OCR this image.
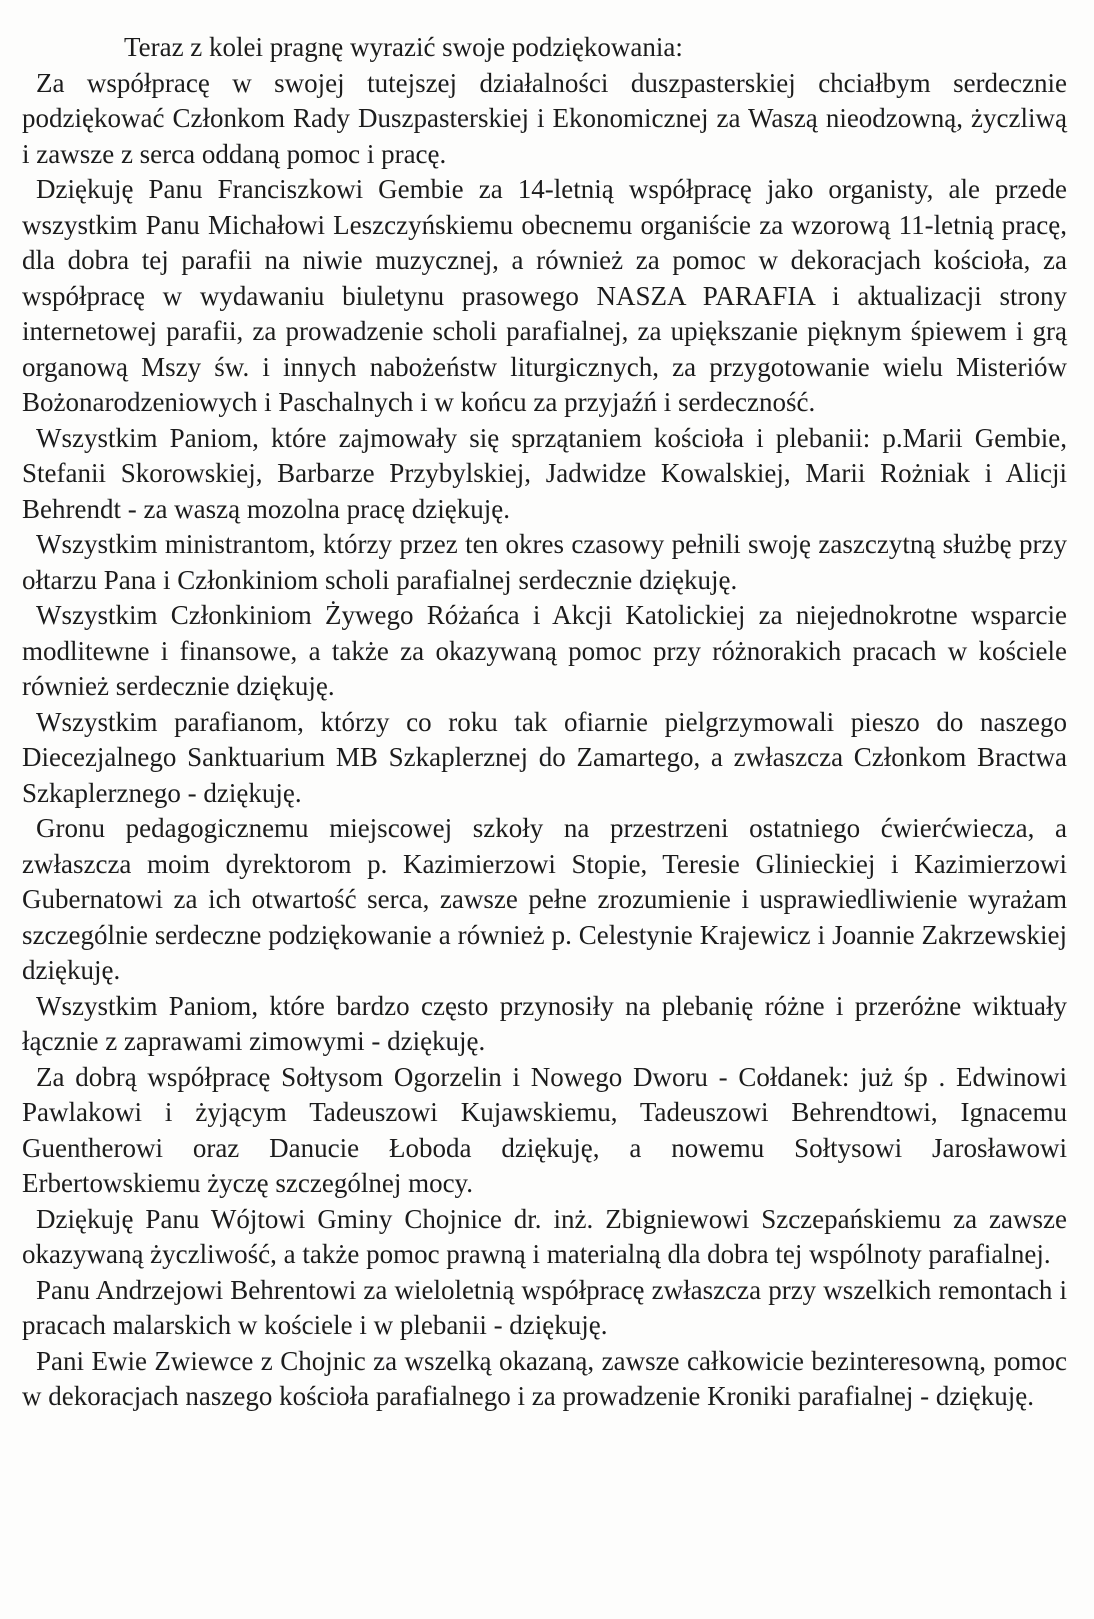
Teraz z kolei pragnę wyrazić swoje podziękowania:

Za współpracę w swojej tutejszej działalności duszpasterskiej chciałbym serdecznie podziękować Członkom Rady Duszpasterskiej i Ekonomicznej za Waszą nieodzowną, życzliwą i zawsze z serca oddaną pomoc i pracę.

Dziękuję Panu Franciszkowi Gembie za 14-letnią współpracę jako organisty, ale przede wszystkim Panu Michałowi Leszczyńskiemu obecnemu organiście za wzorową 11-letnią pracę, dla dobra tej parafii na niwie muzycznej, a również za pomoc w dekoracjach kościoła, za współpracę w wydawaniu biuletynu prasowego NASZA PARAFIA i aktualizacji strony internetowej parafii, za prowadzenie scholi parafialnej, za upiększanie pięknym śpiewem i grą organową Mszy św. i innych nabożeństw liturgicznych, za przygotowanie wielu Misteriów Bożonarodzeniowych i Paschalnych i w końcu za przyjaźń i serdeczność.

Wszystkim Paniom, które zajmowały się sprzątaniem kościoła i plebanii: p.Marii Gembie, Stefanii Skorowskiej, Barbarze Przybylskiej, Jadwidze Kowalskiej, Marii Rożniak i Alicji Behrendt - za waszą mozolna pracę dziękuję.

Wszystkim ministrantom, którzy przez ten okres czasowy pełnili swoję zaszczytną służbę przy ołtarzu Pana i Członkiniom scholi parafialnej serdecznie dziękuję.

Wszystkim Członkiniom Żywego Różańca i Akcji Katolickiej za niejednokrotne wsparcie modlitewne i finansowe, a także za okazywaną pomoc przy różnorakich pracach w kościele również serdecznie dziękuję.

Wszystkim parafianom, którzy co roku tak ofiarnie pielgrzymowali pieszo do naszego Diecezjalnego Sanktuarium MB Szkaplerznej do Zamartego, a zwłaszcza Członkom Bractwa Szkaplerznego - dziękuję.

Gronu pedagogicznemu miejscowej szkoły na przestrzeni ostatniego ćwierćwiecza, a zwłaszcza moim dyrektorom p. Kazimierzowi Stopie, Teresie Glinieckiej i Kazimierzowi Gubernatowi za ich otwartość serca, zawsze pełne zrozumienie i usprawiedliwienie wyrażam szczególnie serdeczne podziękowanie a również p. Celestynie Krajewicz i Joannie Zakrzewskiej dziękuję.

Wszystkim Paniom, które bardzo często przynosiły na plebanię różne i przeróżne wiktuały łącznie z zaprawami zimowymi - dziękuję.

Za dobrą współpracę Sołtysom Ogorzelin i Nowego Dworu - Cołdanek: już śp . Edwinowi Pawlakowi i żyjącym Tadeuszowi Kujawskiemu, Tadeuszowi Behrendtowi, Ignacemu Guentherowi oraz Danucie Łoboda dziękuję, a nowemu Sołtysowi Jarosławowi Erbertowskiemu życzę szczególnej mocy.

Dziękuję Panu Wójtowi Gminy Chojnice dr. inż. Zbigniewowi Szczepańskiemu za zawsze okazywaną życzliwość, a także pomoc prawną i materialną dla dobra tej wspólnoty parafialnej.

Panu Andrzejowi Behrentowi za wieloletnią współpracę zwłaszcza przy wszelkich remontach i pracach malarskich w kościele i w plebanii - dziękuję.

Pani Ewie Zwiewce z Chojnic za wszelką okazaną, zawsze całkowicie bezinteresowną, pomoc w dekoracjach naszego kościoła parafialnego i za prowadzenie Kroniki parafialnej - dziękuję.
